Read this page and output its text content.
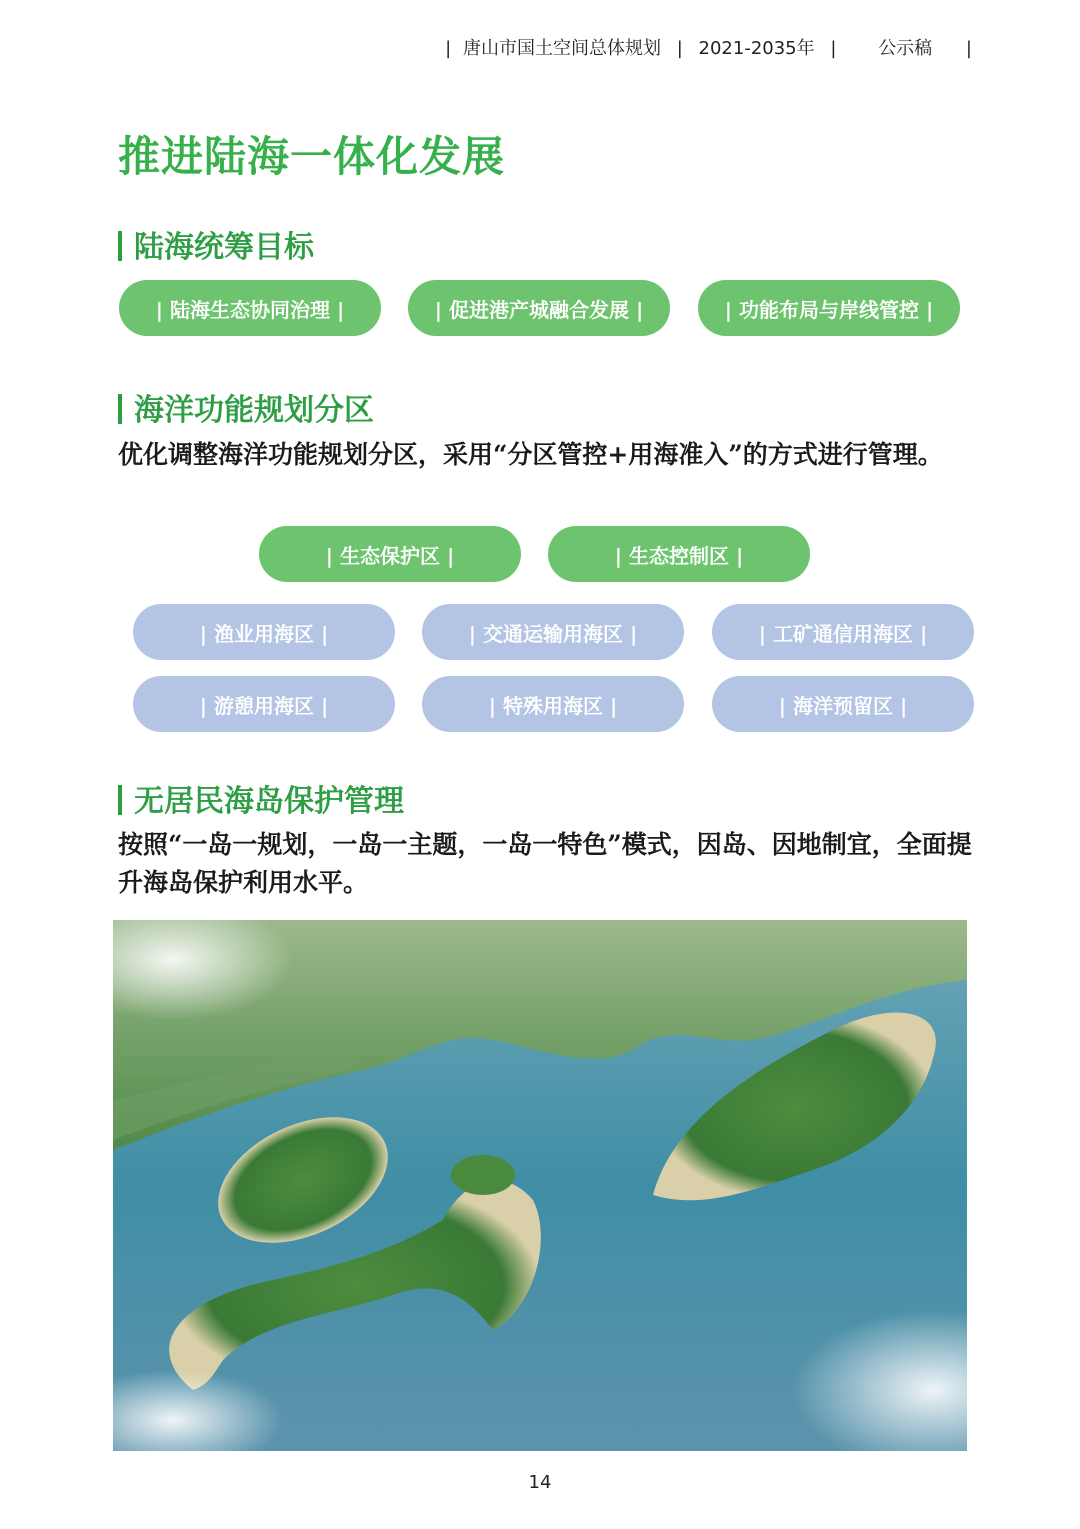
| 唐山市国土空间总体规划 | 2021-2035年 | 公示稿 |
推进陆海一体化发展
陆海统筹目标
| 陆海生态协同治理 |	| 促进港产城融合发展 |	| 功能布局与岸线管控 |
海洋功能规划分区

优化调整海洋功能规划分区，采用“分区管控+用海准入”的方式进行管理。

| 生态保护区 |	| 生态控制区 |
| 渔业用海区 |	| 交通运输用海区 |	| 工矿通信用海区 |
| 游憩用海区 |	| 特殊用海区 |	| 海洋预留区 |
无居民海岛保护管理

按照“一岛一规划，一岛一主题，一岛一特色”模式，因岛、因地制宜，全面提升海岛保护利用水平。

14
